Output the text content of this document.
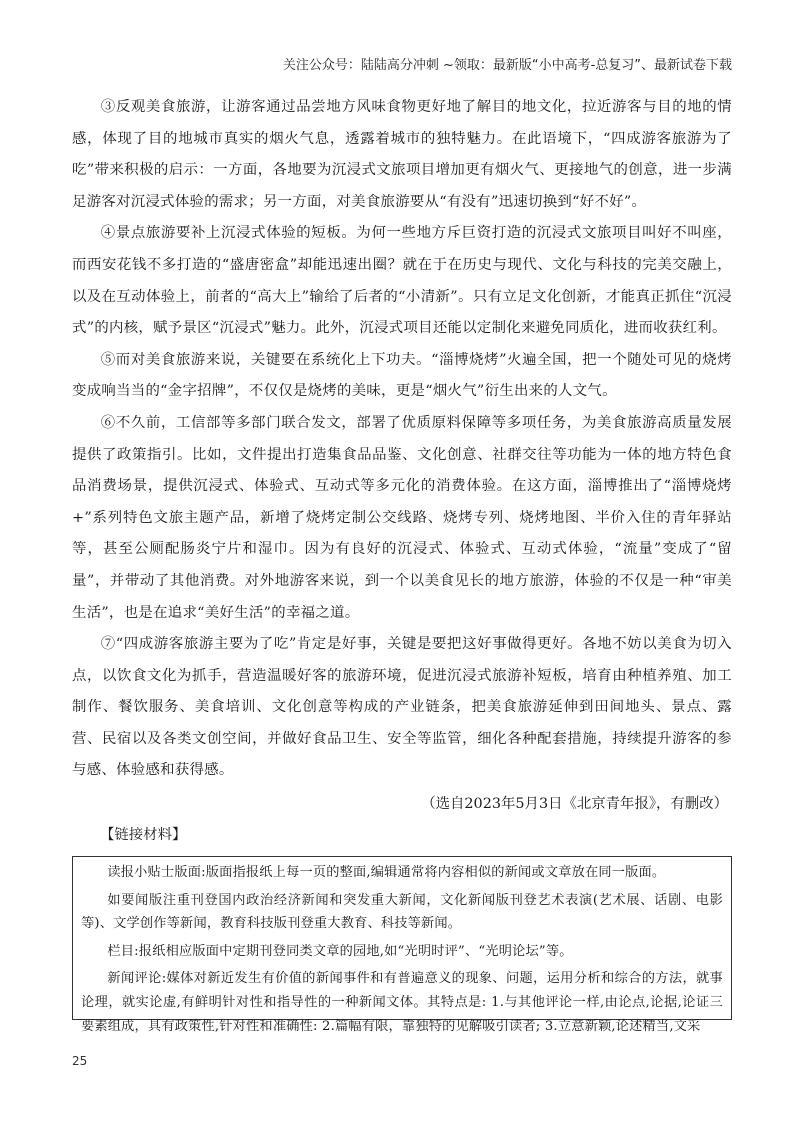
关注公众号：陆陆高分冲刺 ~领取：最新版“小中高考-总复习”、最新试卷下载

③反观美食旅游，让游客通过品尝地方风味食物更好地了解目的地文化，拉近游客与目的地的情感，体现了目的地城市真实的烟火气息，透露着城市的独特魅力。在此语境下，“四成游客旅游为了吃”带来积极的启示：一方面，各地要为沉浸式文旅项目增加更有烟火气、更接地气的创意，进一步满足游客对沉浸式体验的需求；另一方面，对美食旅游要从“有没有”迅速切换到“好不好”。

④景点旅游要补上沉浸式体验的短板。为何一些地方斥巨资打造的沉浸式文旅项目叫好不叫座，而西安花钱不多打造的“盛唐密盒”却能迅速出圈？就在于在历史与现代、文化与科技的完美交融上，以及在互动体验上，前者的“高大上”输给了后者的“小清新”。只有立足文化创新，才能真正抓住“沉浸式”的内核，赋予景区“沉浸式”魅力。此外，沉浸式项目还能以定制化来避免同质化，进而收获红利。

⑤而对美食旅游来说，关键要在系统化上下功夫。“淄博烧烤”火遍全国，把一个随处可见的烧烤变成响当当的“金字招牌”，不仅仅是烧烤的美味，更是“烟火气”衍生出来的人文气。

⑥不久前，工信部等多部门联合发文，部署了优质原料保障等多项任务，为美食旅游高质量发展提供了政策指引。比如，文件提出打造集食品品鉴、文化创意、社群交往等功能为一体的地方特色食品消费场景，提供沉浸式、体验式、互动式等多元化的消费体验。在这方面，淄博推出了“淄博烧烤+”系列特色文旅主题产品，新增了烧烤定制公交线路、烧烤专列、烧烤地图、半价入住的青年驿站等，甚至公厕配肠炎宁片和湿巾。因为有良好的沉浸式、体验式、互动式体验，“流量”变成了“留量”，并带动了其他消费。对外地游客来说，到一个以美食见长的地方旅游，体验的不仅是一种“审美生活”，也是在追求“美好生活”的幸福之道。

⑦“四成游客旅游主要为了吃”肯定是好事，关键是要把这好事做得更好。各地不妨以美食为切入点，以饮食文化为抓手，营造温暖好客的旅游环境，促进沉浸式旅游补短板，培育由种植养殖、加工制作、餐饮服务、美食培训、文化创意等构成的产业链条，把美食旅游延伸到田间地头、景点、露营、民宿以及各类文创空间，并做好食品卫生、安全等监管，细化各种配套措施，持续提升游客的参与感、体验感和获得感。

（选自2023年5月3日《北京青年报》，有删改）

【链接材料】

读报小贴士版面:版面指报纸上每一页的整面,编辑通常将内容相似的新闻或文章放在同一版面。

如要闻版注重刊登国内政治经济新闻和突发重大新闻，文化新闻版刊登艺术表演(艺术展、话剧、电影等)、文学创作等新闻，教育科技版刊登重大教育、科技等新闻。

栏目:报纸相应版面中定期刊登同类文章的园地,如“光明时评”、“光明论坛”等。

新闻评论:媒体对新近发生有价值的新闻事件和有普遍意义的现象、问题，运用分析和综合的方法，就事论理，就实论虚,有鲜明针对性和指导性的一种新闻文体。其特点是: 1.与其他评论一样,由论点,论据,论证三要素组成，具有政策性,针对性和准确性: 2.篇幅有限，靠独特的见解吸引读者; 3.立意新颖,论述精当,文采

25
